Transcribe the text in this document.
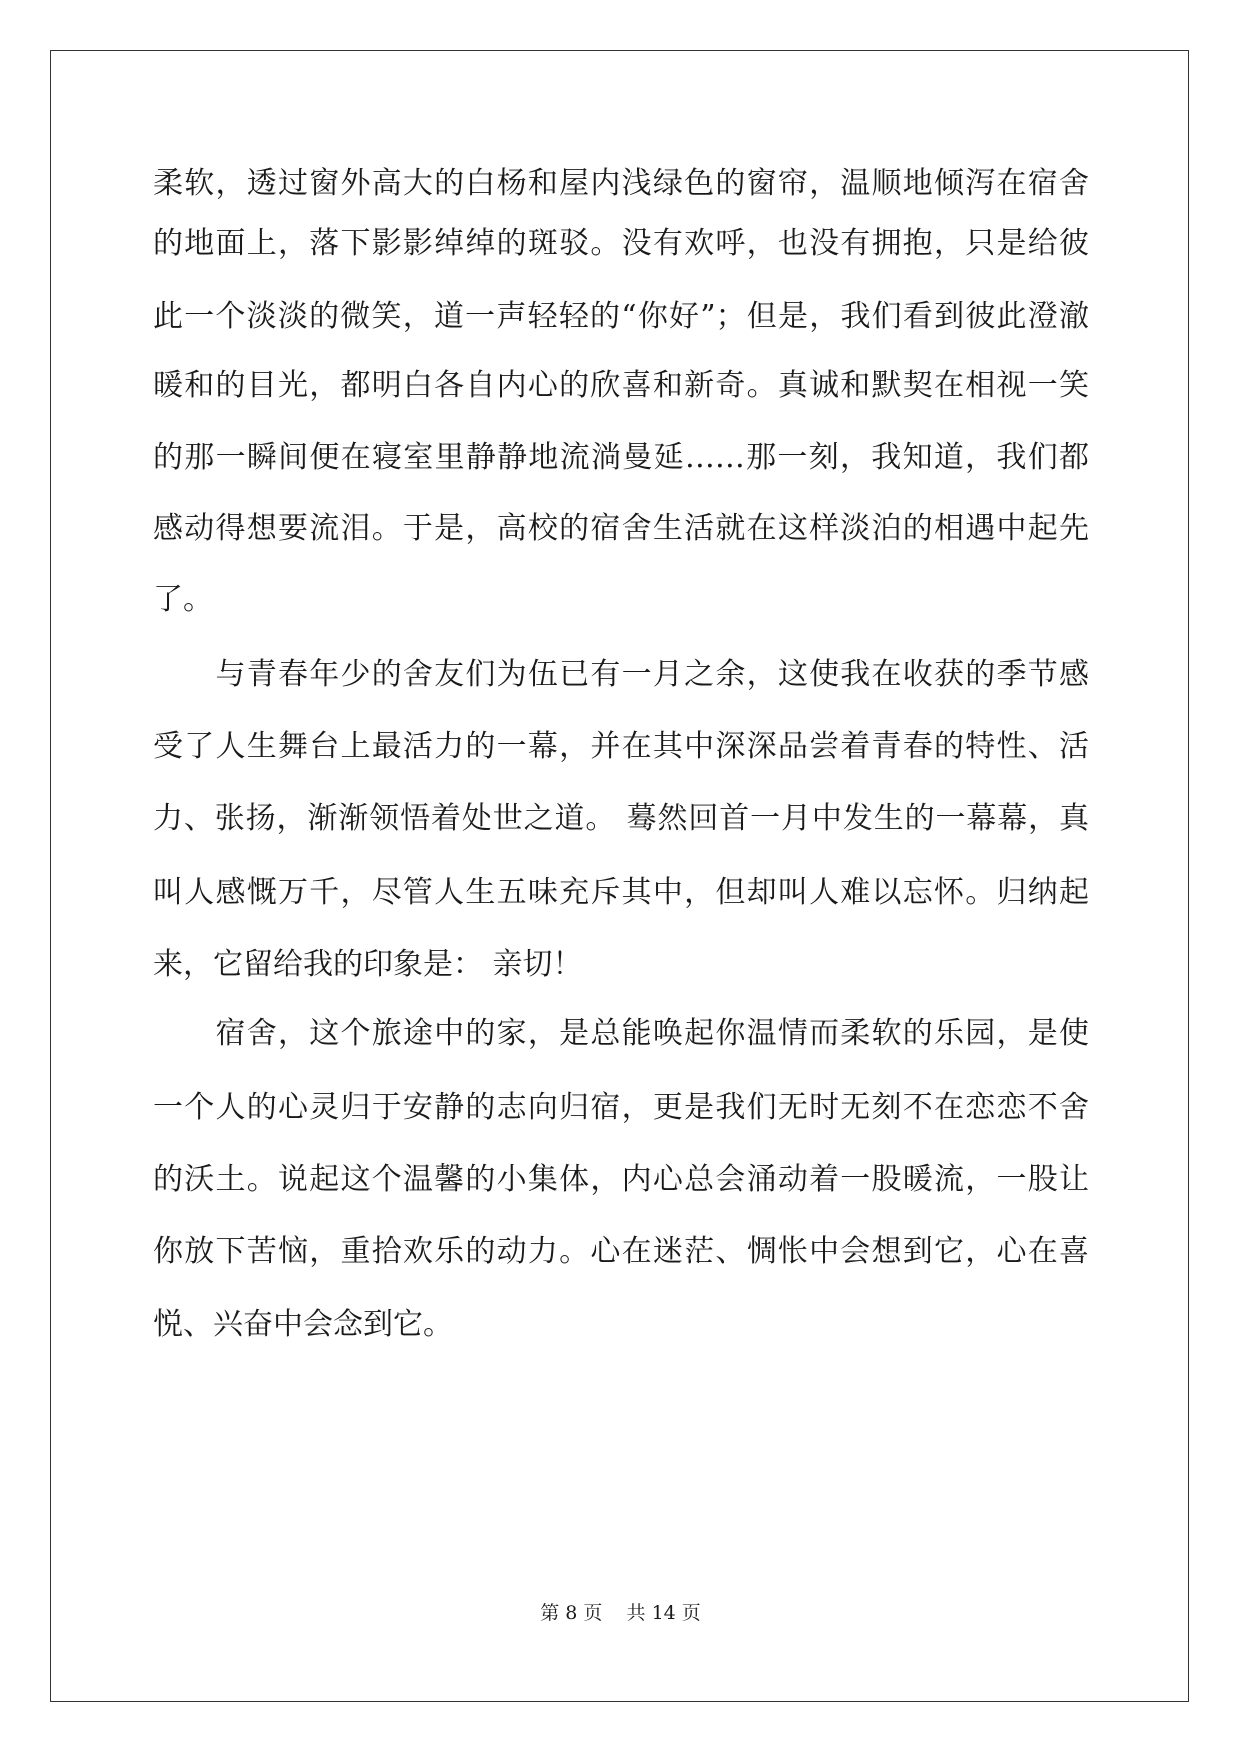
柔软，透过窗外高大的白杨和屋内浅绿色的窗帘，温顺地倾泻在宿舍
的地面上，落下影影绰绰的斑驳。没有欢呼，也没有拥抱，只是给彼
此一个淡淡的微笑，道一声轻轻的“你好”；但是，我们看到彼此澄澈
暖和的目光，都明白各自内心的欣喜和新奇。真诚和默契在相视一笑
的那一瞬间便在寝室里静静地流淌曼延……那一刻，我知道，我们都
感动得想要流泪。于是，高校的宿舍生活就在这样淡泊的相遇中起先
了。
　　与青春年少的舍友们为伍已有一月之余，这使我在收获的季节感
受了人生舞台上最活力的一幕，并在其中深深品尝着青春的特性、活
力、张扬，渐渐领悟着处世之道。 蓦然回首一月中发生的一幕幕，真
叫人感慨万千，尽管人生五味充斥其中，但却叫人难以忘怀。归纳起
来，它留给我的印象是： 亲切！
　　宿舍，这个旅途中的家，是总能唤起你温情而柔软的乐园，是使
一个人的心灵归于安静的志向归宿，更是我们无时无刻不在恋恋不舍
的沃土。说起这个温馨的小集体，内心总会涌动着一股暖流，一股让
你放下苦恼，重拾欢乐的动力。心在迷茫、惆怅中会想到它，心在喜
悦、兴奋中会念到它。
第 8 页 共 14 页
